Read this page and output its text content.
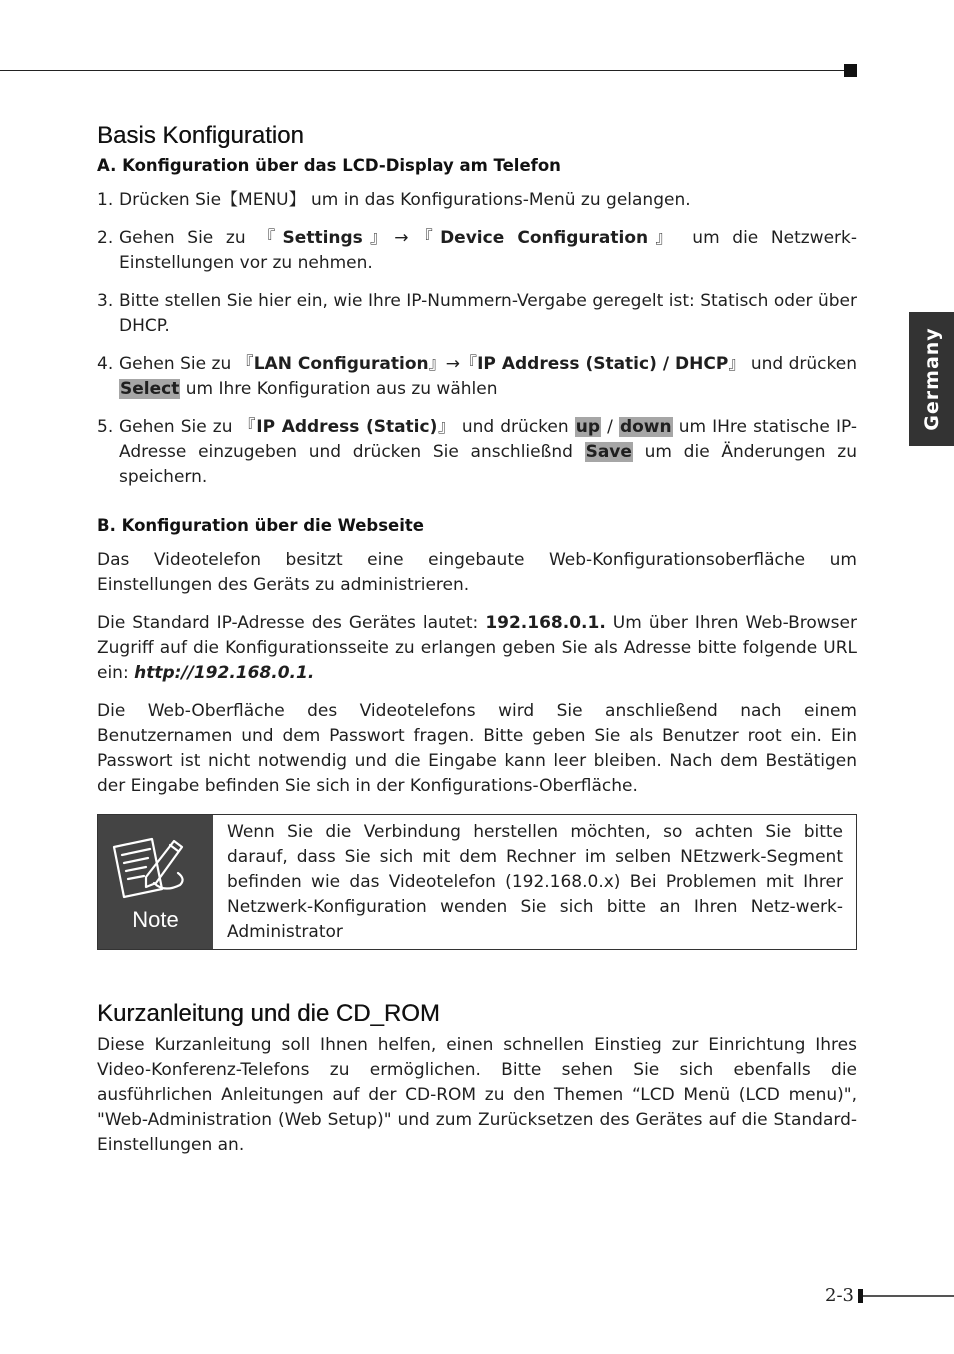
Germany
Basis Konfiguration
A. Konfiguration über das LCD-Display am Telefon
1. Drücken Sie【MENU】 um in das Konfigurations-Menü zu gelangen.

2. Gehen Sie zu 『Settings』→『Device Configuration』 um die Netzwerk-Einstellungen vor zu nehmen.

3. Bitte stellen Sie hier ein, wie Ihre IP-Nummern-Vergabe geregelt ist: Statisch oder über DHCP.

4. Gehen Sie zu 『LAN Configuration』→『IP Address (Static) / DHCP』 und drücken Select um Ihre Konfiguration aus zu wählen

5. Gehen Sie zu 『IP Address (Static)』 und drücken up / down um IHre statische IP-Adresse einzugeben und drücken Sie anschließnd Save um die Änderungen zu speichern.

B. Konfiguration über die Webseite

Das Videotelefon besitzt eine eingebaute Web-Konfigurationsoberfläche um Einstellungen des Geräts zu administrieren.

Die Standard IP-Adresse des Gerätes lautet: 192.168.0.1. Um über Ihren Web-Browser Zugriff auf die Konfigurationsseite zu erlangen geben Sie als Adresse bitte folgende URL ein: http://192.168.0.1.

Die Web-Oberfläche des Videotelefons wird Sie anschließend nach einem Benutzernamen und dem Passwort fragen. Bitte geben Sie als Benutzer root ein. Ein Passwort ist nicht notwendig und die Eingabe kann leer bleiben. Nach dem Bestätigen der Eingabe befinden Sie sich in der Konfigurations-Oberfläche.

Note

Wenn Sie die Verbindung herstellen möchten, so achten Sie bitte darauf, dass Sie sich mit dem Rechner im selben NEtzwerk-Segment befinden wie das Videotelefon (192.168.0.x) Bei Problemen mit Ihrer Netzwerk-Konfiguration wenden Sie sich bitte an Ihren Netz-werk-Administrator

Kurzanleitung und die CD_ROM

Diese Kurzanleitung soll Ihnen helfen, einen schnellen Einstieg zur Einrichtung Ihres Video-Konferenz-Telefons zu ermöglichen. Bitte sehen Sie sich ebenfalls die ausführlichen Anleitungen auf der CD-ROM zu den Themen “LCD Menü (LCD menu)", "Web-Administration (Web Setup)" und zum Zurücksetzen des Gerätes auf die Standard-Einstellungen an.

2-3
